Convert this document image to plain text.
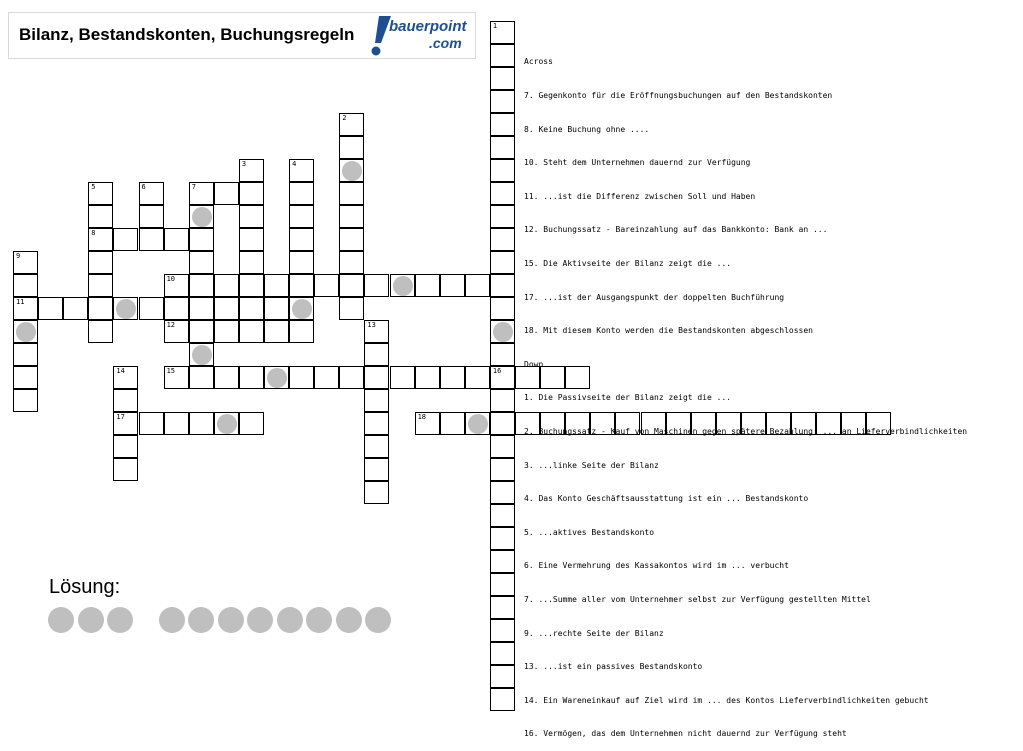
Bilanz, Bestandskonten, Buchungsregeln bauerpoint
.com
1
16
2
3	4
5
8
6	7
9
11
10
12	13
14
17
15
18

Across

7. Gegenkonto für die Eröffnungsbuchungen auf den Bestandskonten

8. Keine Buchung ohne ....

10. Steht dem Unternehmen dauernd zur Verfügung

11. ...ist die Differenz zwischen Soll und Haben

12. Buchungssatz - Bareinzahlung auf das Bankkonto: Bank an ...

15. Die Aktivseite der Bilanz zeigt die ...

17. ...ist der Ausgangspunkt der doppelten Buchführung

18. Mit diesem Konto werden die Bestandskonten abgeschlossen

Down

1. Die Passivseite der Bilanz zeigt die ...

2. Buchungssatz - Kauf von Maschinen gegen spätere Bezahlung: ... an Lieferverbindlichkeiten

3. ...linke Seite der Bilanz

4. Das Konto Geschäftsausstattung ist ein ... Bestandskonto

5. ...aktives Bestandskonto

6. Eine Vermehrung des Kassakontos wird im ... verbucht

7. ...Summe aller vom Unternehmer selbst zur Verfügung gestellten Mittel

9. ...rechte Seite der Bilanz

13. ...ist ein passives Bestandskonto

14. Ein Wareneinkauf auf Ziel wird im ... des Kontos Lieferverbindlichkeiten gebucht

16. Vermögen, das dem Unternehmen nicht dauernd zur Verfügung steht

Lösung:
